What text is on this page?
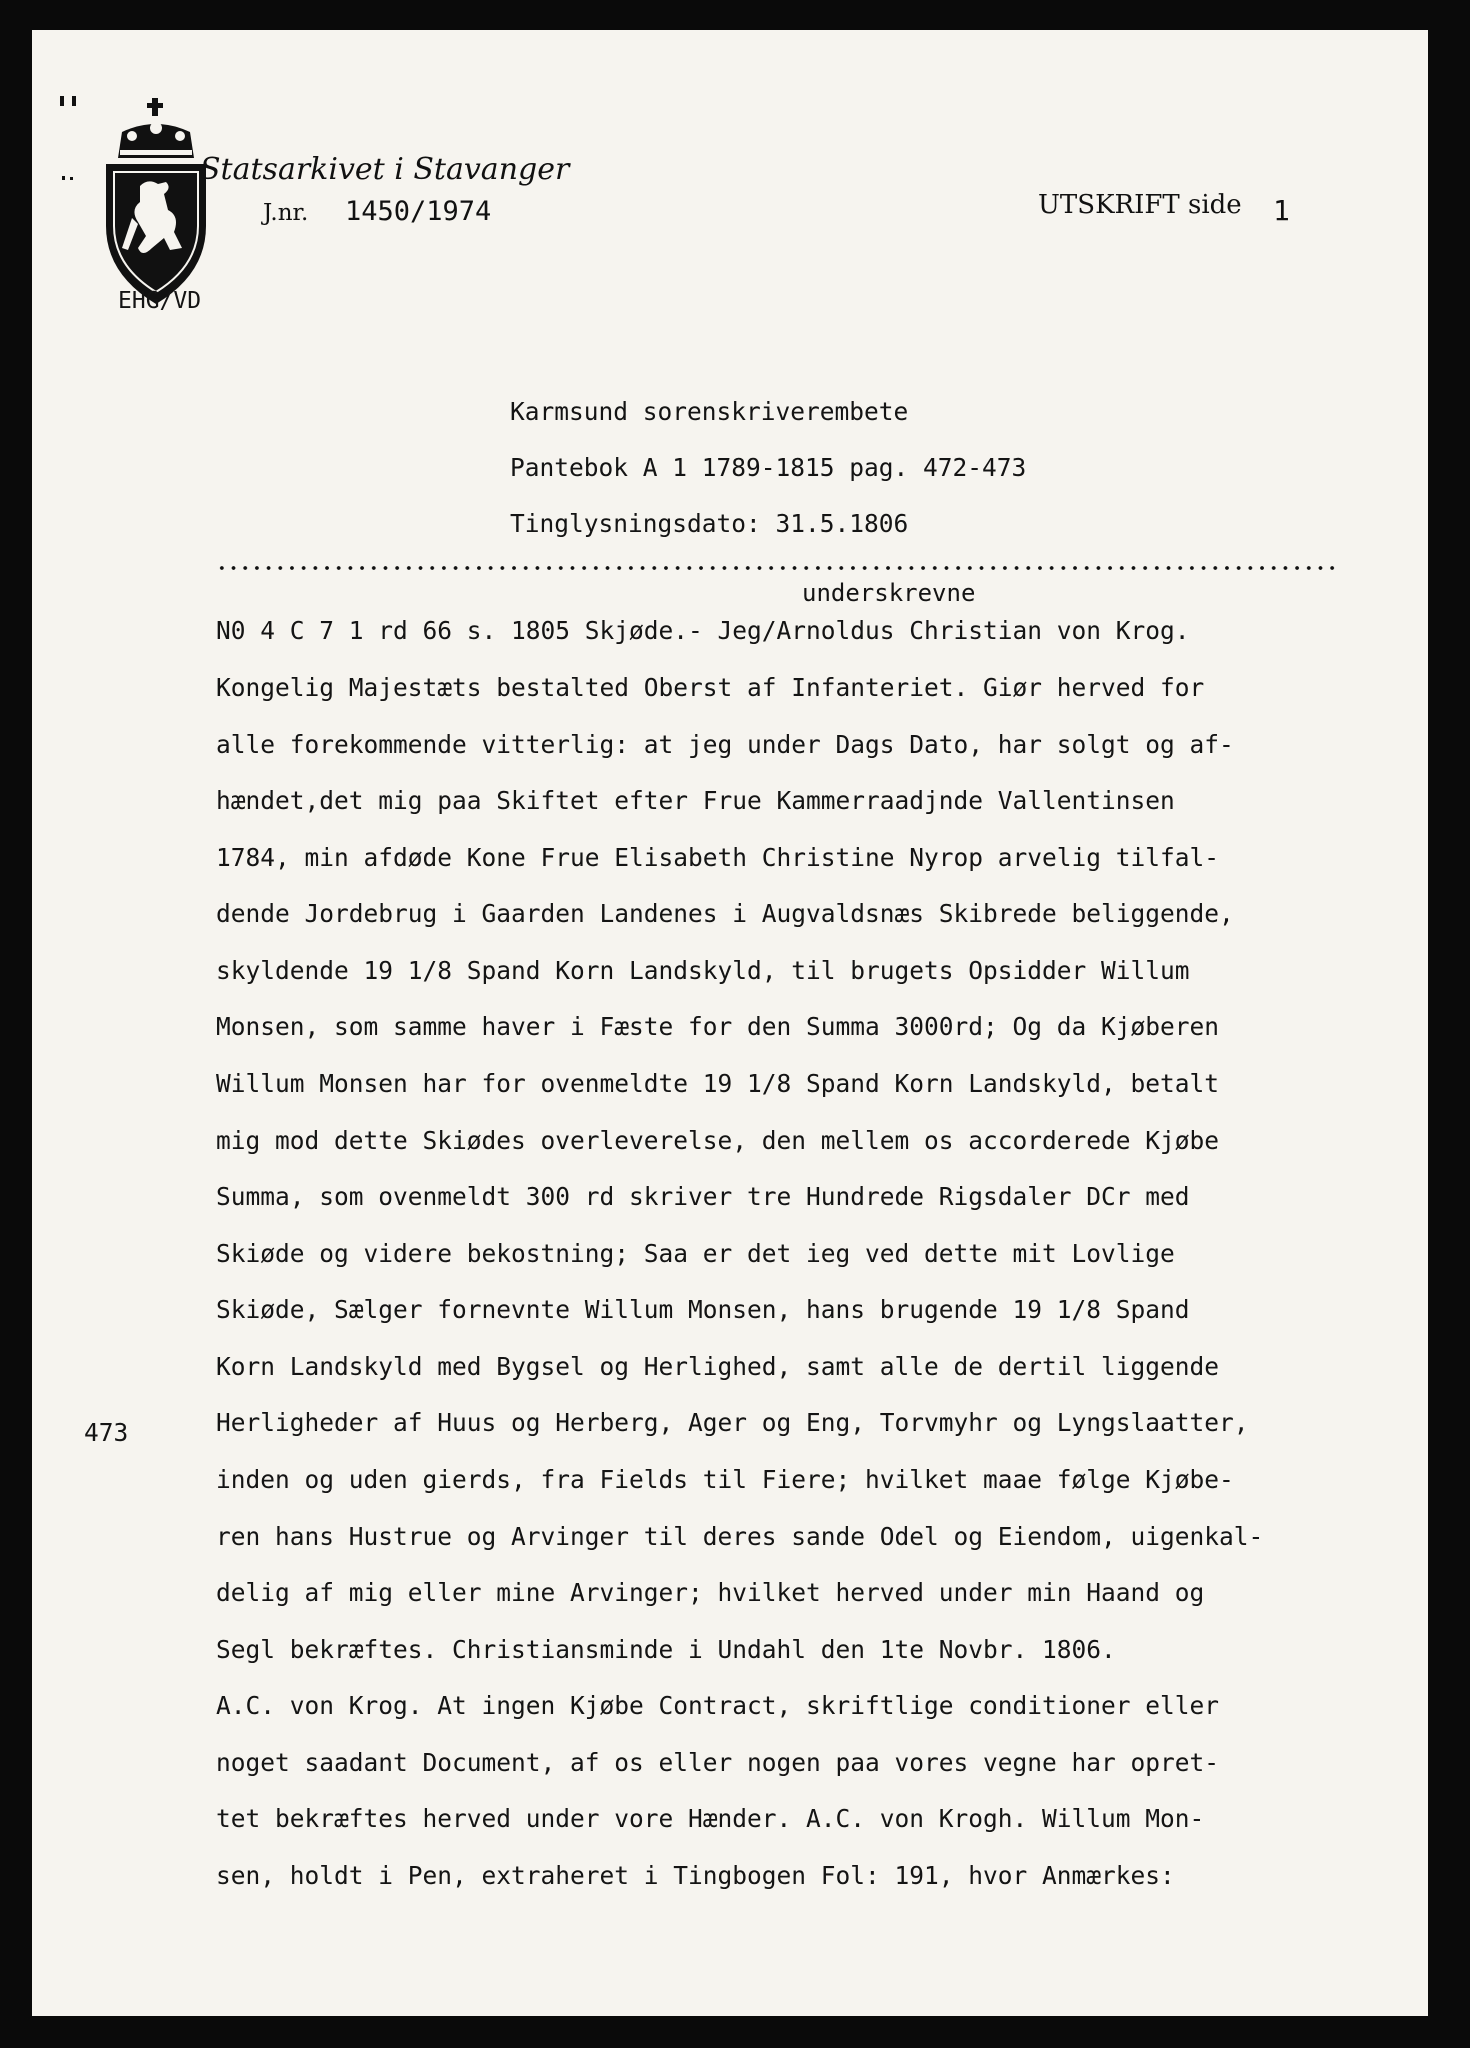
Statsarkivet i Stavanger
J.nr. 1450/1974	UTSKRIFT side 1
EHG/VD
Karmsund sorenskriverembete
Pantebok A 1 1789-1815 pag. 472-473
Tinglysningsdato: 31.5.1806
underskrevne
473
N0 4 C 7 1 rd 66 s. 1805 Skjøde.- Jeg/Arnoldus Christian von Krog.
Kongelig Majestæts bestalted Oberst af Infanteriet. Giør herved for
alle forekommende vitterlig: at jeg under Dags Dato, har solgt og af-
hændet,det mig paa Skiftet efter Frue Kammerraadjnde Vallentinsen
1784, min afdøde Kone Frue Elisabeth Christine Nyrop arvelig tilfal-
dende Jordebrug i Gaarden Landenes i Augvaldsnæs Skibrede beliggende,
skyldende 19 1/8 Spand Korn Landskyld, til brugets Opsidder Willum
Monsen, som samme haver i Fæste for den Summa 3000rd; Og da Kjøberen
Willum Monsen har for ovenmeldte 19 1/8 Spand Korn Landskyld, betalt
mig mod dette Skiødes overleverelse, den mellem os accorderede Kjøbe
Summa, som ovenmeldt 300 rd skriver tre Hundrede Rigsdaler DCr med
Skiøde og videre bekostning; Saa er det ieg ved dette mit Lovlige
Skiøde, Sælger fornevnte Willum Monsen, hans brugende 19 1/8 Spand
Korn Landskyld med Bygsel og Herlighed, samt alle de dertil liggende
Herligheder af Huus og Herberg, Ager og Eng, Torvmyhr og Lyngslaatter,
inden og uden gierds, fra Fields til Fiere; hvilket maae følge Kjøbe-
ren hans Hustrue og Arvinger til deres sande Odel og Eiendom, uigenkal-
delig af mig eller mine Arvinger; hvilket herved under min Haand og
Segl bekræftes. Christiansminde i Undahl den 1te Novbr. 1806.
A.C. von Krog. At ingen Kjøbe Contract, skriftlige conditioner eller
noget saadant Document, af os eller nogen paa vores vegne har opret-
tet bekræftes herved under vore Hænder. A.C. von Krogh. Willum Mon-
sen, holdt i Pen, extraheret i Tingbogen Fol: 191, hvor Anmærkes:
